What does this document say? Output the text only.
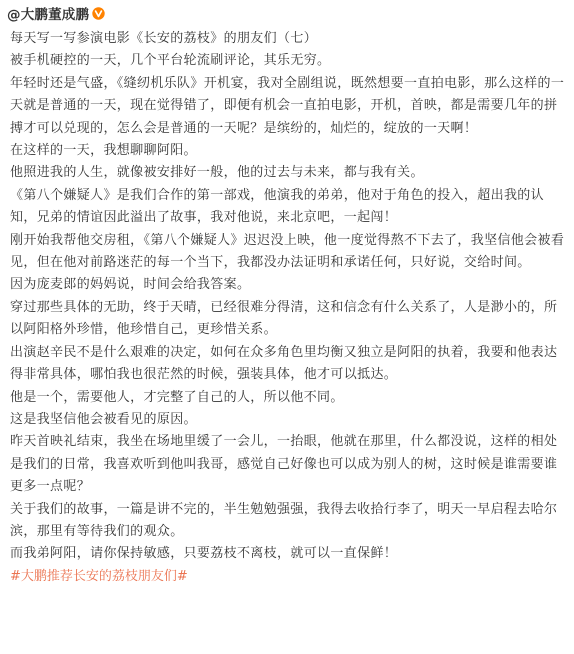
@大鹏董成鹏

每天写一写参演电影《长安的荔枝》的朋友们（七）

被手机硬控的一天，几个平台轮流刷评论，其乐无穷。

年轻时还是气盛，《缝纫机乐队》开机宴，我对全剧组说，既然想要一直拍电影，那么这样的一天就是普通的一天，现在觉得错了，即便有机会一直拍电影，开机，首映，都是需要几年的拼搏才可以兑现的，怎么会是普通的一天呢？是缤纷的，灿烂的，绽放的一天啊！

在这样的一天，我想聊聊阿阳。

他照进我的人生，就像被安排好一般，他的过去与未来，都与我有关。

《第八个嫌疑人》是我们合作的第一部戏，他演我的弟弟，他对于角色的投入，超出我的认知，兄弟的情谊因此溢出了故事，我对他说，来北京吧，一起闯！

刚开始我帮他交房租，《第八个嫌疑人》迟迟没上映，他一度觉得熬不下去了，我坚信他会被看见，但在他对前路迷茫的每一个当下，我都没办法证明和承诺任何，只好说，交给时间。

因为庞麦郎的妈妈说，时间会给我答案。

穿过那些具体的无助，终于天晴，已经很难分得清，这和信念有什么关系了，人是渺小的，所以阿阳格外珍惜，他珍惜自己，更珍惜关系。

出演赵辛民不是什么艰难的决定，如何在众多角色里均衡又独立是阿阳的执着，我要和他表达得非常具体，哪怕我也很茫然的时候，强装具体，他才可以抵达。

他是一个，需要他人，才完整了自己的人，所以他不同。

这是我坚信他会被看见的原因。

昨天首映礼结束，我坐在场地里缓了一会儿，一抬眼，他就在那里，什么都没说，这样的相处是我们的日常，我喜欢听到他叫我哥，感觉自己好像也可以成为别人的树，这时候是谁需要谁更多一点呢？

关于我们的故事，一篇是讲不完的，半生勉勉强强，我得去收拾行李了，明天一早启程去哈尔滨，那里有等待我们的观众。

而我弟阿阳，请你保持敏感，只要荔枝不离枝，就可以一直保鲜！

#大鹏推荐长安的荔枝朋友们#
